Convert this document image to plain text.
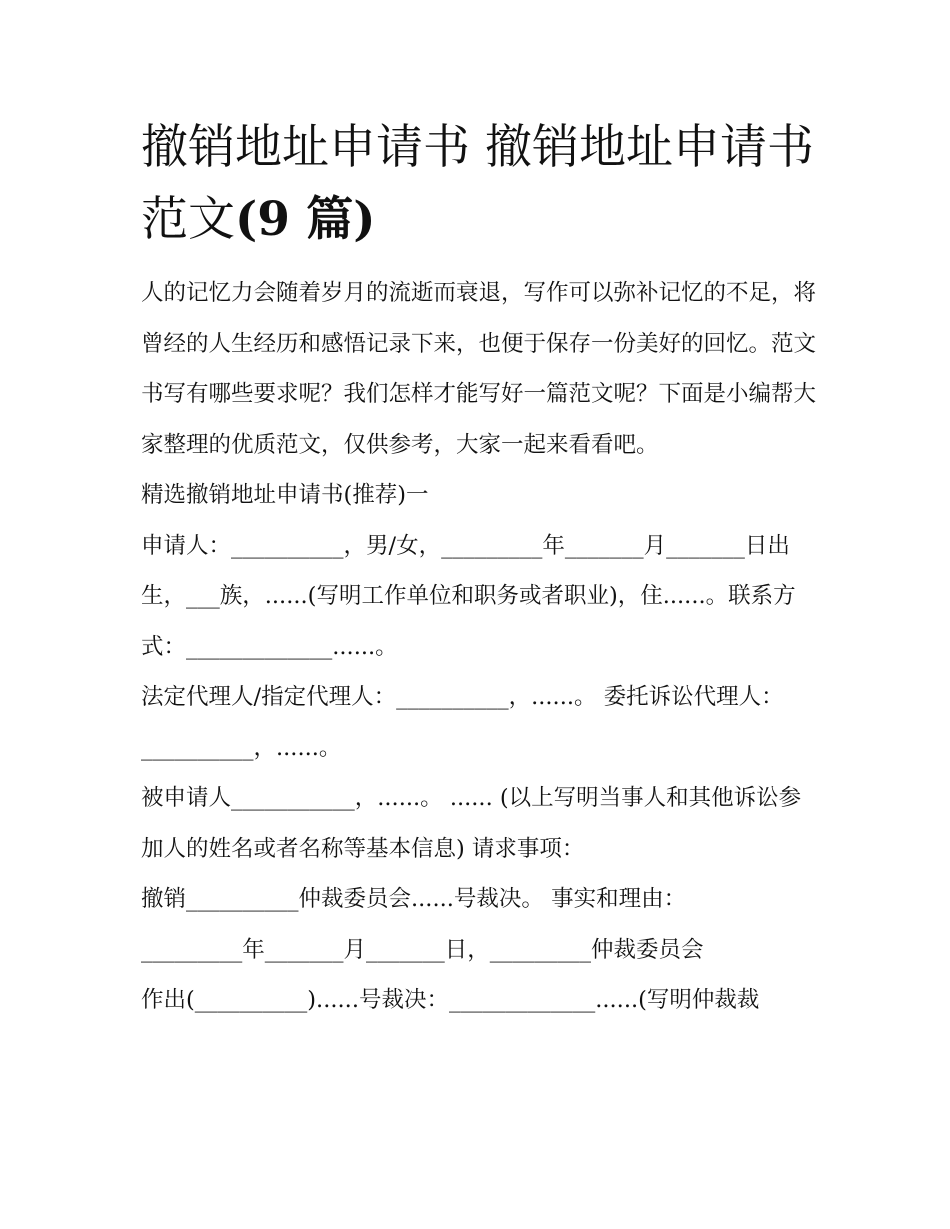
撤销地址申请书 撤销地址申请书范文(9 篇)

人的记忆力会随着岁月的流逝而衰退，写作可以弥补记忆的不足，将曾经的人生经历和感悟记录下来，也便于保存一份美好的回忆。范文书写有哪些要求呢？我们怎样才能写好一篇范文呢？下面是小编帮大家整理的优质范文，仅供参考，大家一起来看看吧。

精选撤销地址申请书(推荐)一

申请人：__________，男/女，_________年_______月_______日出生，___族，......(写明工作单位和职务或者职业)，住......。联系方式：_____________......。

法定代理人/指定代理人：__________，......。 委托诉讼代理人：__________，......。

被申请人___________，......。 ...... (以上写明当事人和其他诉讼参加人的姓名或者名称等基本信息) 请求事项：

撤销__________仲裁委员会......号裁决。 事实和理由：

_________年_______月_______日，_________仲裁委员会

作出(__________)......号裁决：_____________......(写明仲裁裁
